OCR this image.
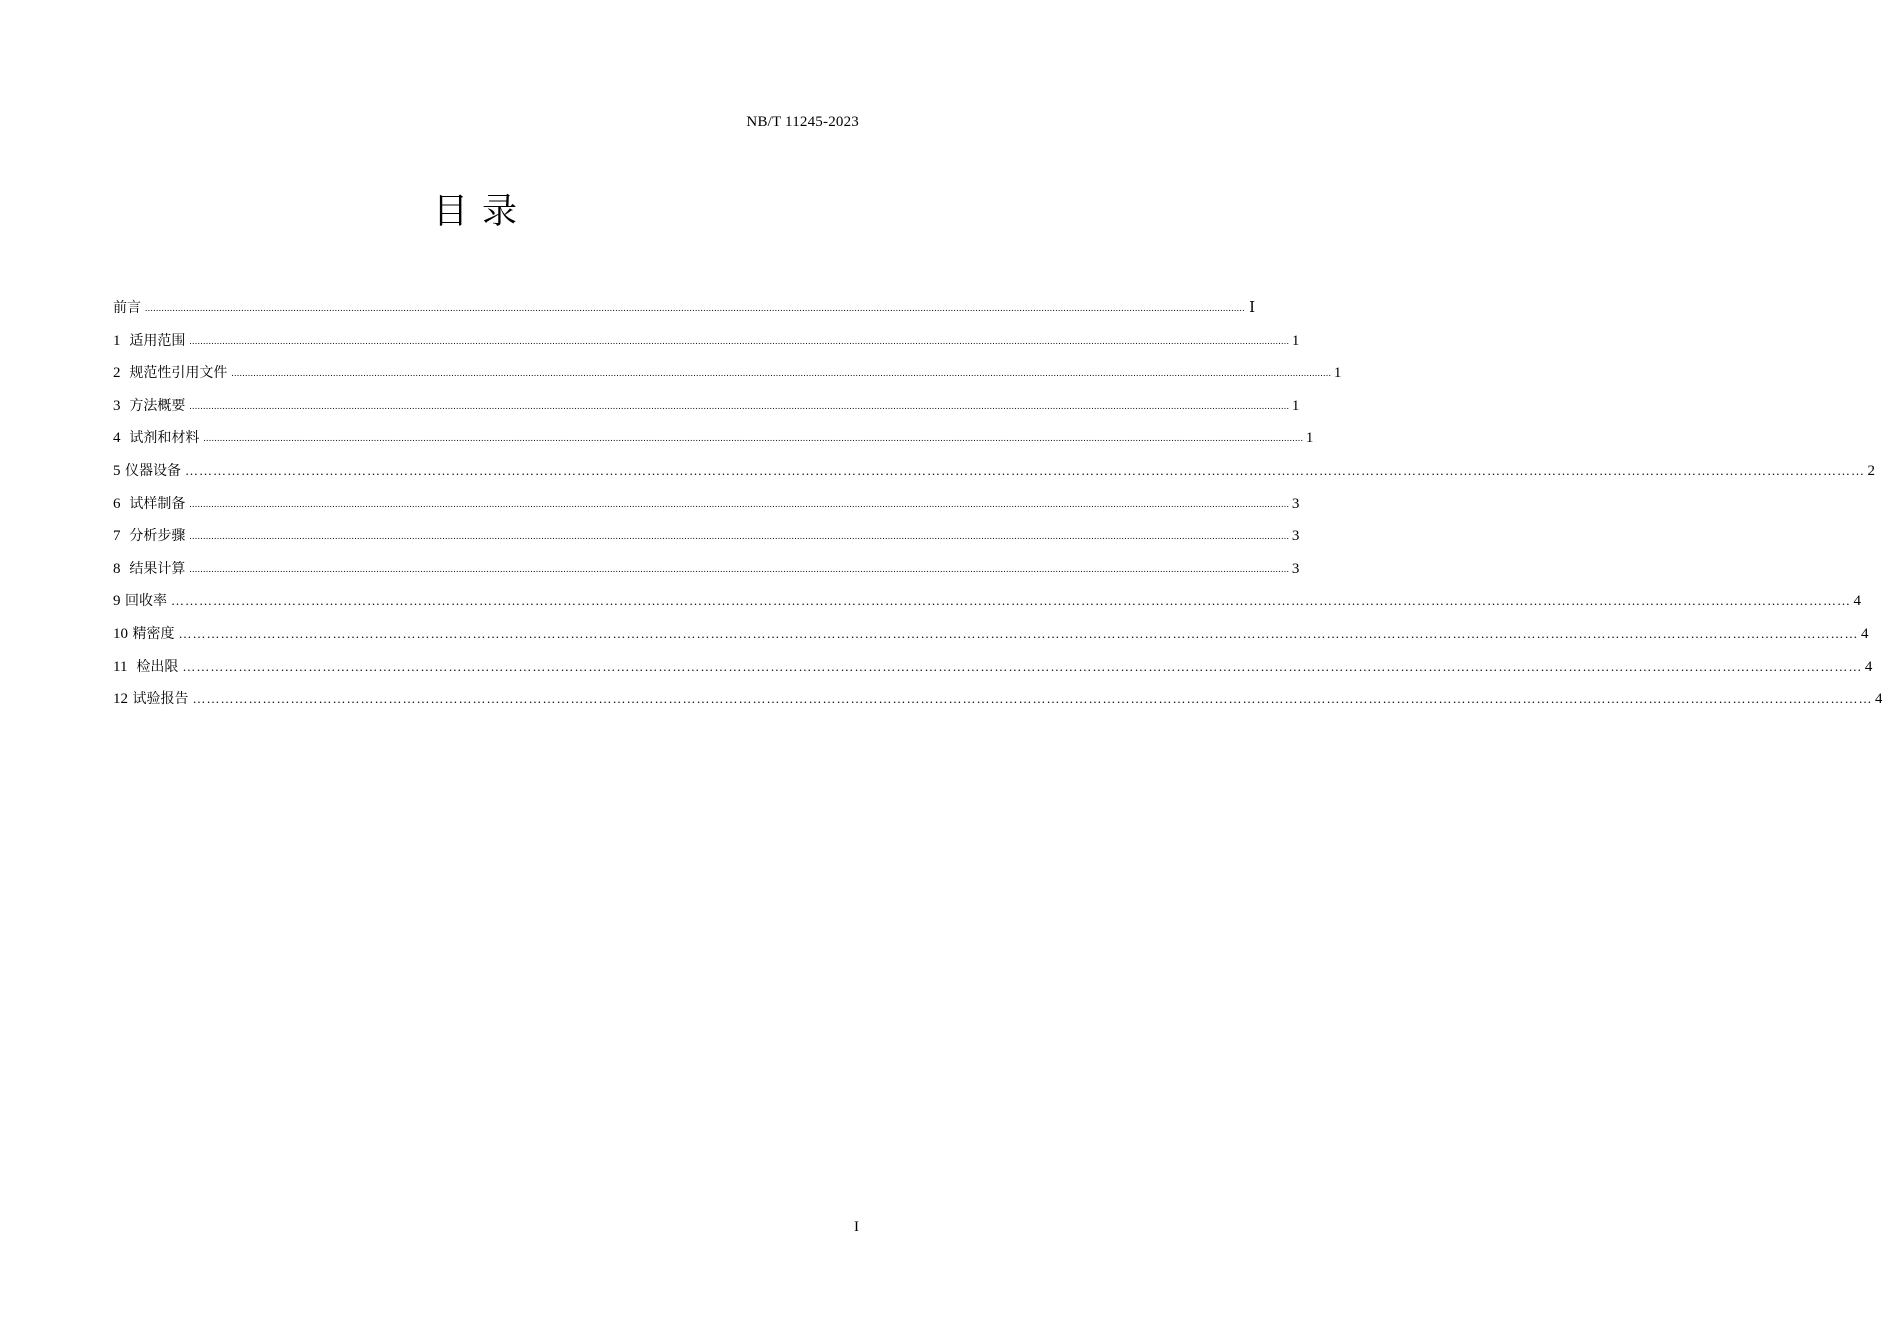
NB/T 11245-2023
目录
前言 ................................................................................................................................................................................................................................................................................................................................................................................................................ Ⅰ
1 适用范围 ................................................................................................................................................................................................................................................................................................................................................................................................................ 1
2 规范性引用文件 ................................................................................................................................................................................................................................................................................................................................................................................................................ 1
3 方法概要 ................................................................................................................................................................................................................................................................................................................................................................................................................ 1
4 试剂和材料 ................................................................................................................................................................................................................................................................................................................................................................................................................ 1
5 仪器设备 ……………………………………………………………………………………………………………………………………………………………………………………………………………………………………………………………………………………………………………………………… 2
6 试样制备 ................................................................................................................................................................................................................................................................................................................................................................................................................ 3
7 分析步骤 ................................................................................................................................................................................................................................................................................................................................................................................................................ 3
8 结果计算 ................................................................................................................................................................................................................................................................................................................................................................................................................ 3
9 回收率 ……………………………………………………………………………………………………………………………………………………………………………………………………………………………………………………………………………………………………………………………… 4
10 精密度 ……………………………………………………………………………………………………………………………………………………………………………………………………………………………………………………………………………………………………………………………… 4
11 检出限 ……………………………………………………………………………………………………………………………………………………………………………………………………………………………………………………………………………………………………………………………… 4
12 试验报告 ……………………………………………………………………………………………………………………………………………………………………………………………………………………………………………………………………………………………………………………………… 4
I
